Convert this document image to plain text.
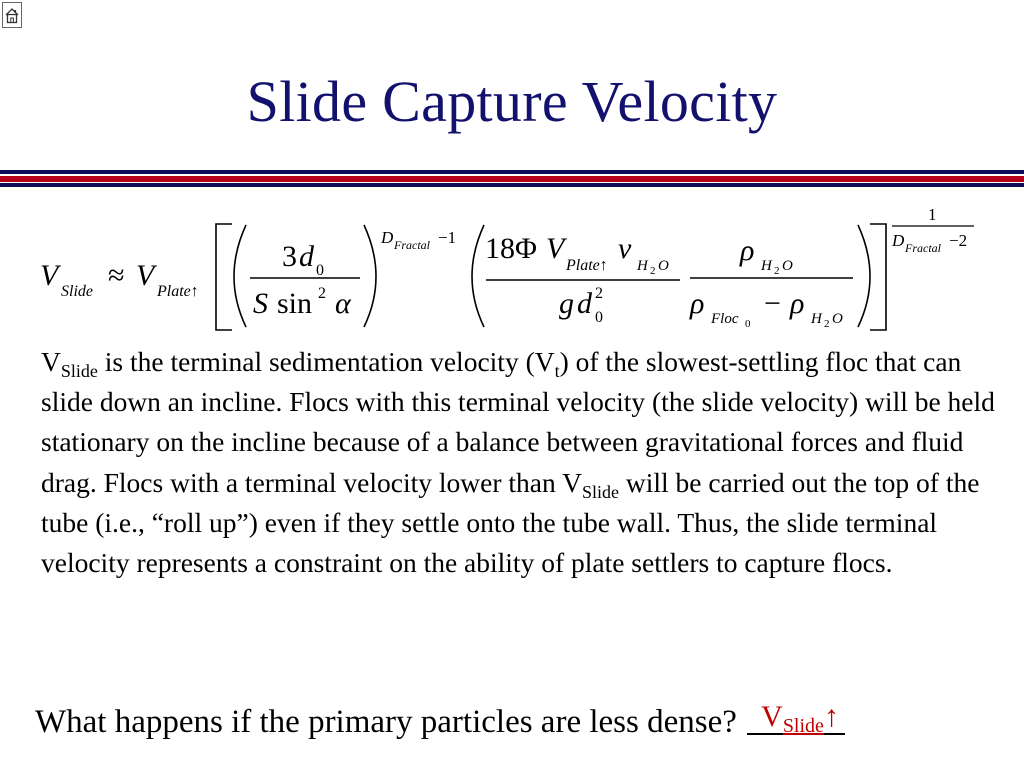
Slide Capture Velocity
V Slide ≈ V Plate↑
3 d 0
S sin 2 α
D Fractal −1 18Φ V
Plate↑
ν
H 2 O
g d 2
0
ρ H 2 O
ρ Floc 0
− ρ H 2 O
1
D Fractal −2
$V_{Slide}$ is the terminal sedimentation velocity $(V_t)$ of the slowest-settling floc that can slide down an incline. Flocs with this terminal velocity (the slide velocity) will be held stationary on the incline because of a balance between gravitational forces and fluid drag. Flocs with a terminal velocity lower than $V_{Slide}$ will be carried out the top of the tube (i.e., “roll up”) even if they settle onto the tube wall. Thus, the slide terminal velocity represents a constraint on the ability of plate settlers to capture flocs.
What happens if the primary particles are less dense? $V_{Slide}↑$
